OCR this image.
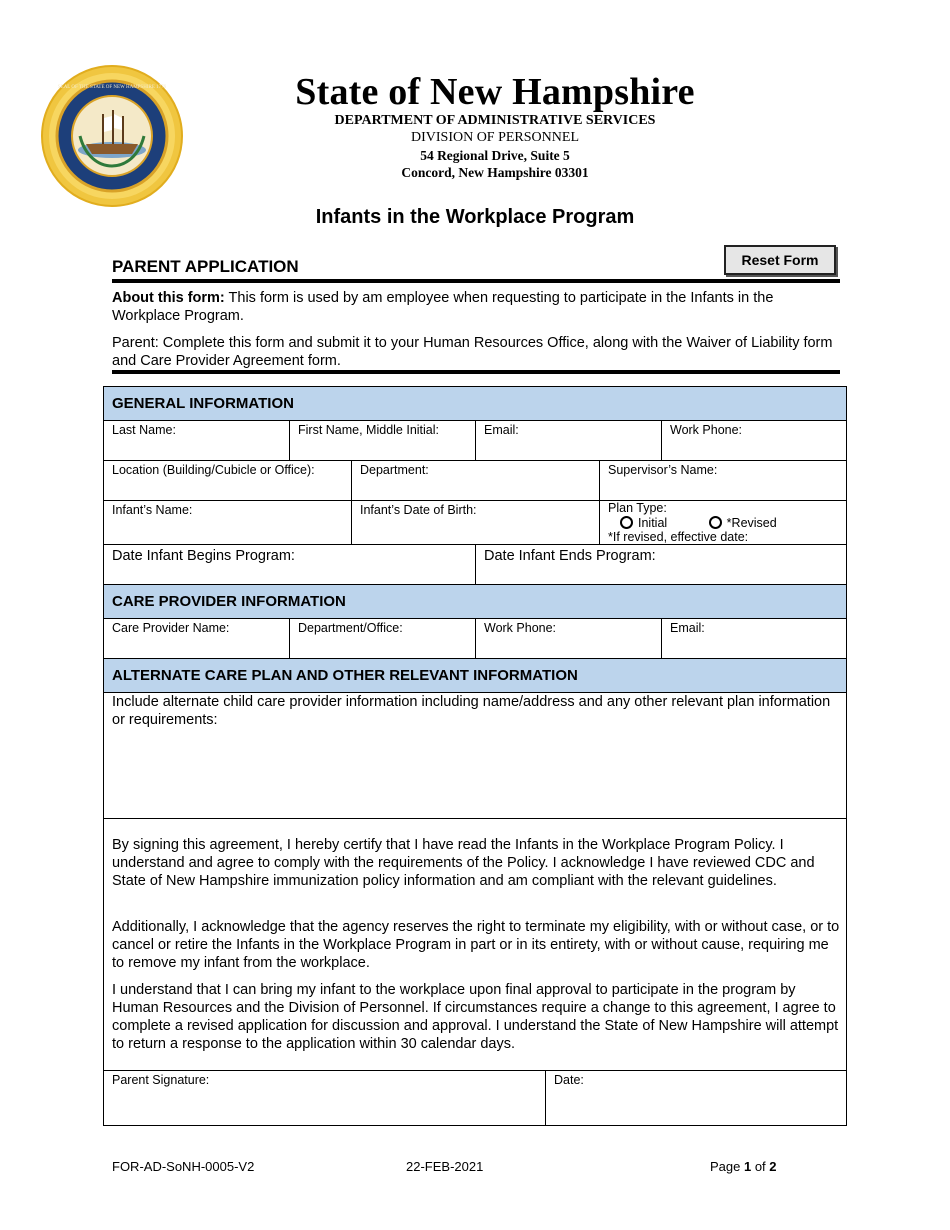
SEAL OF THE STATE OF NEW HAMPSHIRE 1776	State of New Hampshire
DEPARTMENT OF ADMINISTRATIVE SERVICES
DIVISION OF PERSONNEL
54 Regional Drive, Suite 5
Concord, New Hampshire 03301
Infants in the Workplace Program
PARENT APPLICATION	Reset Form
About this form: This form is used by am employee when requesting to participate in the Infants in the Workplace Program.
Parent: Complete this form and submit it to your Human Resources Office, along with the Waiver of Liability form and Care Provider Agreement form.
GENERAL INFORMATION
Last Name:	First Name, Middle Initial:	Email:	Work Phone:
Location (Building/Cubicle or Office):	Department:	Supervisor’s Name:
Infant’s Name:	Infant’s Date of Birth:	Plan Type:
Initial	*Revised
*If revised, effective date:
Date Infant Begins Program:	Date Infant Ends Program:
CARE PROVIDER INFORMATION
Care Provider Name:	Department/Office:	Work Phone:	Email:
ALTERNATE CARE PLAN AND OTHER RELEVANT INFORMATION
Include alternate child care provider information including name/address and any other relevant plan information or requirements:
By signing this agreement, I hereby certify that I have read the Infants in the Workplace Program Policy. I understand and agree to comply with the requirements of the Policy. I acknowledge I have reviewed CDC and State of New Hampshire immunization policy information and am compliant with the relevant guidelines.
Additionally, I acknowledge that the agency reserves the right to terminate my eligibility, with or without case, or to cancel or retire the Infants in the Workplace Program in part or in its entirety, with or without cause, requiring me to remove my infant from the workplace.
I understand that I can bring my infant to the workplace upon final approval to participate in the program by Human Resources and the Division of Personnel. If circumstances require a change to this agreement, I agree to complete a revised application for discussion and approval. I understand the State of New Hampshire will attempt to return a response to the application within 30 calendar days.
Parent Signature:	Date:
FOR-AD-SoNH-0005-V2	22-FEB-2021	Page 1 of 2
